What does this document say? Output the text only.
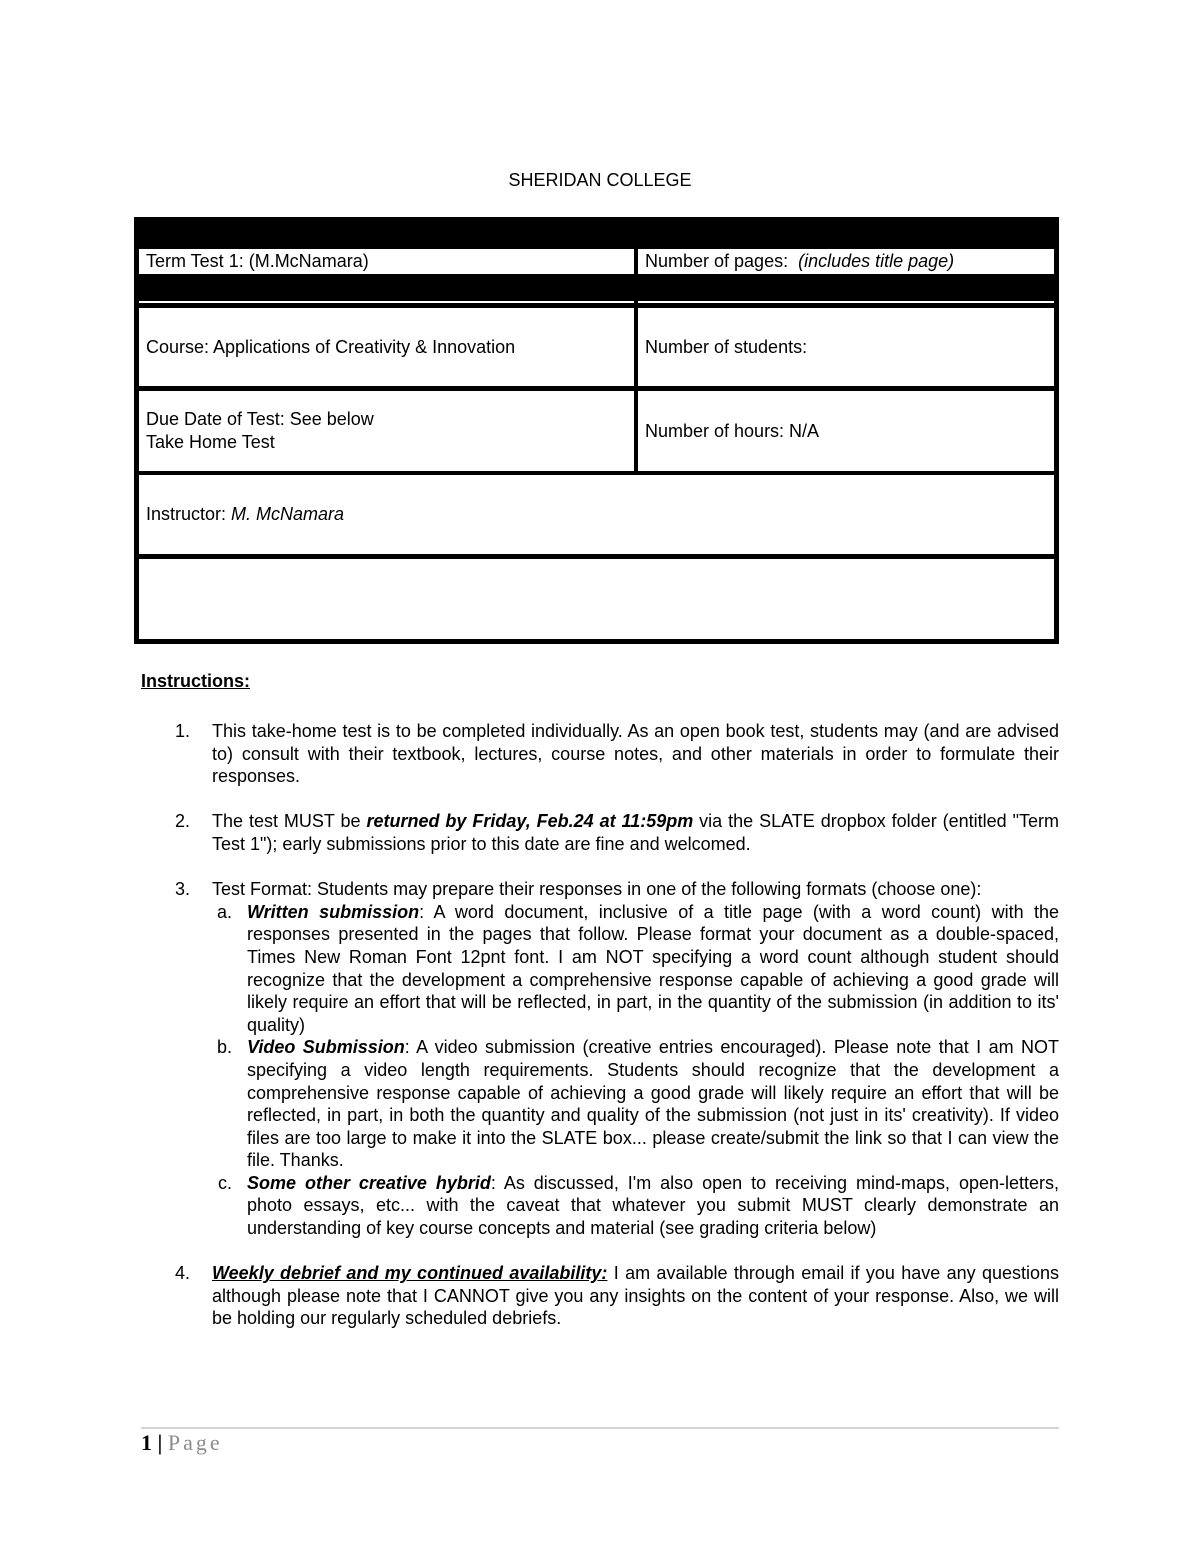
SHERIDAN COLLEGE
Term Test 1: (M.McNamara)	Number of pages:
(includes title page)
Course: Applications of Creativity & Innovation	Number of students:
Due Date of Test: See below
Take Home Test
Number of hours: N/A
Instructor:
M. McNamara
Instructions:
1. This take-home test is to be completed individually. As an open book test, students may (and are advised to) consult with their textbook, lectures, course notes, and other materials in order to formulate their responses.
2. The test MUST be returned by Friday, Feb.24 at 11:59pm via the SLATE dropbox folder (entitled "Term Test 1"); early submissions prior to this date are fine and welcomed.
3. Test Format: Students may prepare their responses in one of the following formats (choose one):
a. Written submission: A word document, inclusive of a title page (with a word count) with the responses presented in the pages that follow. Please format your document as a double-spaced, Times New Roman Font 12pnt font. I am NOT specifying a word count although student should recognize that the development a comprehensive response capable of achieving a good grade will likely require an effort that will be reflected, in part, in the quantity of the submission (in addition to its' quality)
b. Video Submission: A video submission (creative entries encouraged). Please note that I am NOT specifying a video length requirements. Students should recognize that the development a comprehensive response capable of achieving a good grade will likely require an effort that will be reflected, in part, in both the quantity and quality of the submission (not just in its' creativity). If video files are too large to make it into the SLATE box... please create/submit the link so that I can view the file. Thanks.
c. Some other creative hybrid: As discussed, I'm also open to receiving mind-maps, open-letters, photo essays, etc... with the caveat that whatever you submit MUST clearly demonstrate an understanding of key course concepts and material (see grading criteria below)
4. Weekly debrief and my continued availability: I am available through email if you have any questions although please note that I CANNOT give you any insights on the content of your response. Also, we will be holding our regularly scheduled debriefs.
1 | Page
